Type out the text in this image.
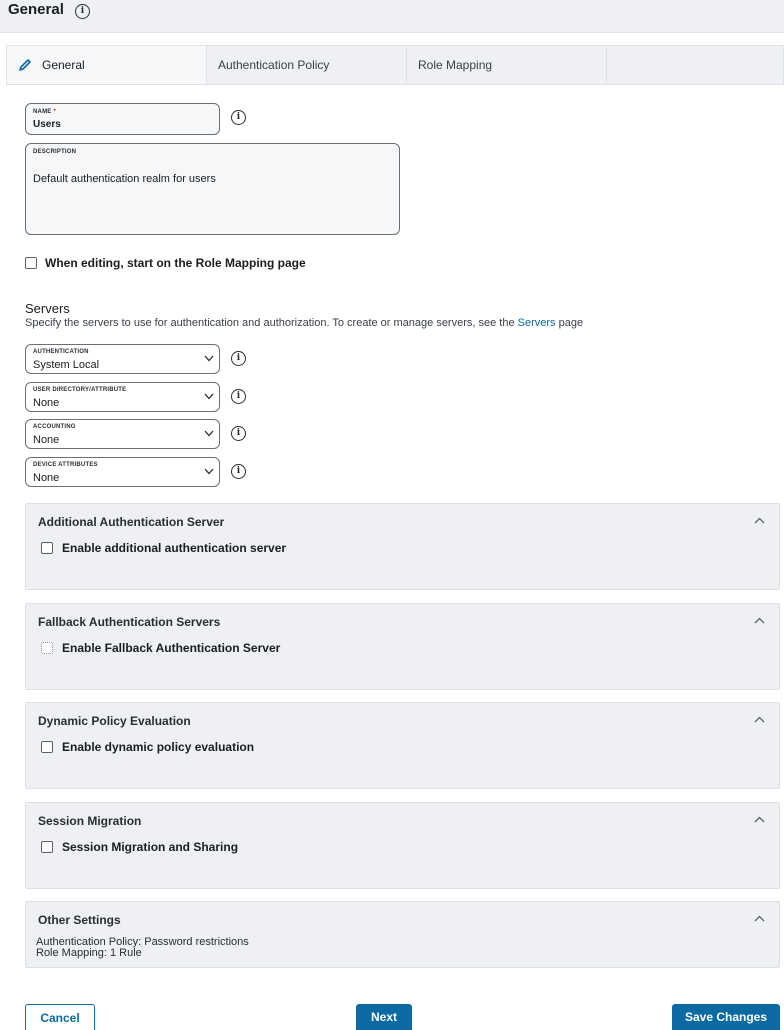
General	i
General	Authentication Policy	Role Mapping
NAME *
Users
i
DESCRIPTION
Default authentication realm for users
When editing, start on the Role Mapping page
Servers
Specify the servers to use for authentication and authorization. To create or manage servers, see the Servers page
AUTHENTICATION
System Local
i
USER DIRECTORY/ATTRIBUTE
None
i
ACCOUNTING
None
i
DEVICE ATTRIBUTES
None
i
Additional Authentication Server
Enable additional authentication server
Fallback Authentication Servers
Enable Fallback Authentication Server
Dynamic Policy Evaluation
Enable dynamic policy evaluation
Session Migration
Session Migration and Sharing
Other Settings
Authentication Policy: Password restrictions
Role Mapping: 1 Rule
Cancel	Next	Save Changes
